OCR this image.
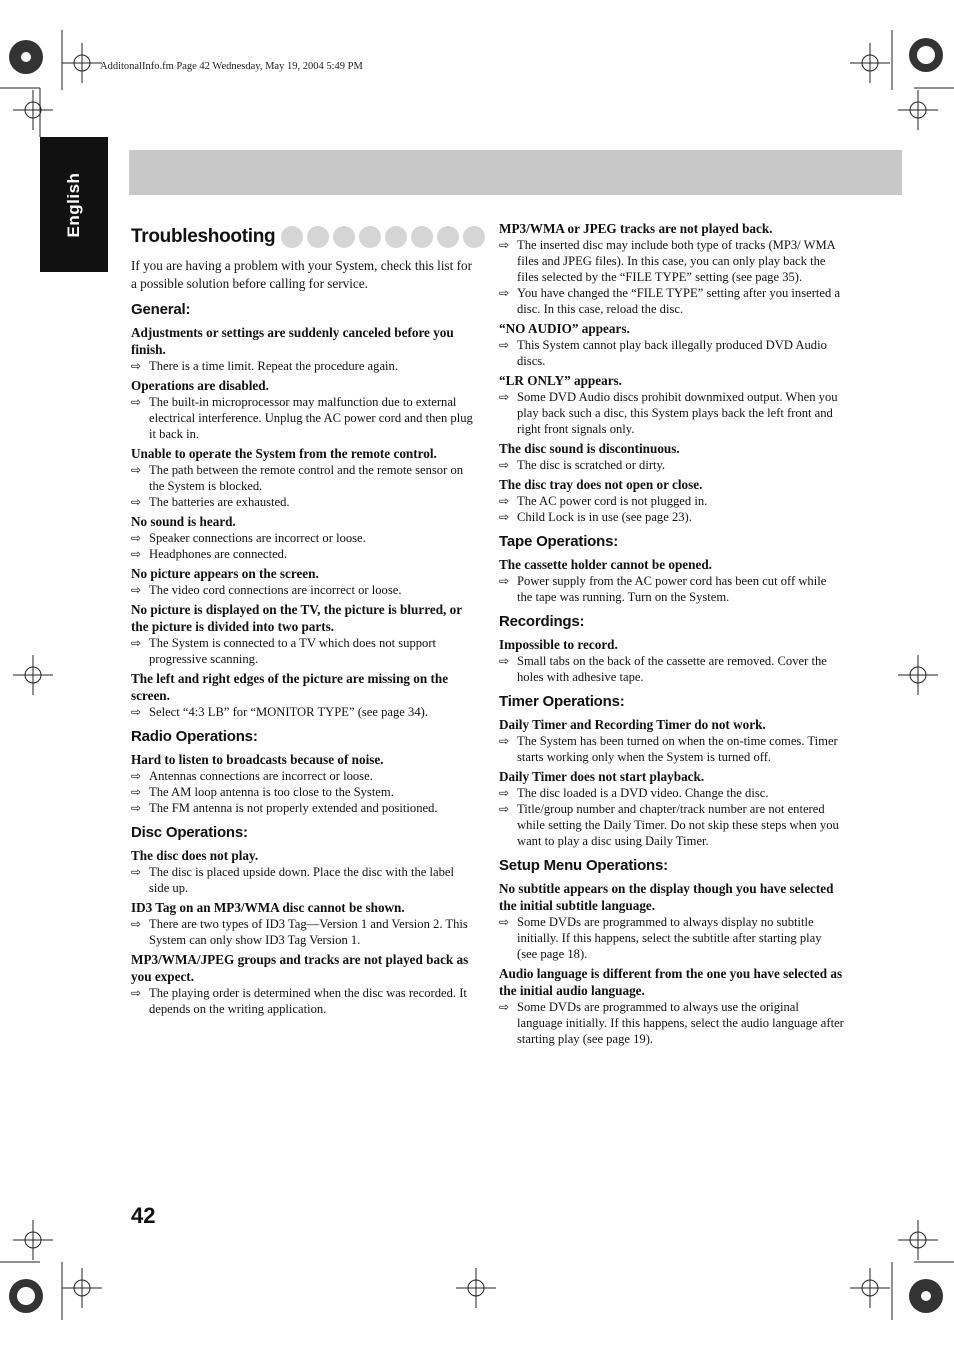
AdditonalInfo.fm Page 42 Wednesday, May 19, 2004 5:49 PM
English	Troubleshooting

If you are having a problem with your System, check this list for a possible solution before calling for service.

General:

Adjustments or settings are suddenly canceled before you finish.

⇨ There is a time limit. Repeat the procedure again.

Operations are disabled.

⇨ The built-in microprocessor may malfunction due to external electrical interference. Unplug the AC power cord and then plug it back in.

Unable to operate the System from the remote control.

⇨ The path between the remote control and the remote sensor on the System is blocked.

⇨ The batteries are exhausted.

No sound is heard.

⇨ Speaker connections are incorrect or loose.

⇨ Headphones are connected.

No picture appears on the screen.

⇨ The video cord connections are incorrect or loose.

No picture is displayed on the TV, the picture is blurred, or the picture is divided into two parts.

⇨ The System is connected to a TV which does not support progressive scanning.

The left and right edges of the picture are missing on the screen.

⇨ Select “4:3 LB” for “MONITOR TYPE” (see page 34).

Radio Operations:

Hard to listen to broadcasts because of noise.

⇨ Antennas connections are incorrect or loose.

⇨ The AM loop antenna is too close to the System.

⇨ The FM antenna is not properly extended and positioned.

Disc Operations:

The disc does not play.

⇨ The disc is placed upside down. Place the disc with the label side up.

ID3 Tag on an MP3/WMA disc cannot be shown.

⇨ There are two types of ID3 Tag—Version 1 and Version 2. This System can only show ID3 Tag Version 1.

MP3/WMA/JPEG groups and tracks are not played back as you expect.

⇨ The playing order is determined when the disc was recorded. It depends on the writing application.

MP3/WMA or JPEG tracks are not played back.

⇨ The inserted disc may include both type of tracks (MP3/ WMA files and JPEG files). In this case, you can only play back the files selected by the “FILE TYPE” setting (see page 35).

⇨ You have changed the “FILE TYPE” setting after you inserted a disc. In this case, reload the disc.

“NO AUDIO” appears.

⇨ This System cannot play back illegally produced DVD Audio discs.

“LR ONLY” appears.

⇨ Some DVD Audio discs prohibit downmixed output. When you play back such a disc, this System plays back the left front and right front signals only.

The disc sound is discontinuous.

⇨ The disc is scratched or dirty.

The disc tray does not open or close.

⇨ The AC power cord is not plugged in.

⇨ Child Lock is in use (see page 23).

Tape Operations:

The cassette holder cannot be opened.

⇨ Power supply from the AC power cord has been cut off while the tape was running. Turn on the System.

Recordings:

Impossible to record.

⇨ Small tabs on the back of the cassette are removed. Cover the holes with adhesive tape.

Timer Operations:

Daily Timer and Recording Timer do not work.

⇨ The System has been turned on when the on-time comes. Timer starts working only when the System is turned off.

Daily Timer does not start playback.

⇨ The disc loaded is a DVD video. Change the disc.

⇨ Title/group number and chapter/track number are not entered while setting the Daily Timer. Do not skip these steps when you want to play a disc using Daily Timer.

Setup Menu Operations:

No subtitle appears on the display though you have selected the initial subtitle language.

⇨ Some DVDs are programmed to always display no subtitle initially. If this happens, select the subtitle after starting play (see page 18).

Audio language is different from the one you have selected as the initial audio language.

⇨ Some DVDs are programmed to always use the original language initially. If this happens, select the audio language after starting play (see page 19).

42
